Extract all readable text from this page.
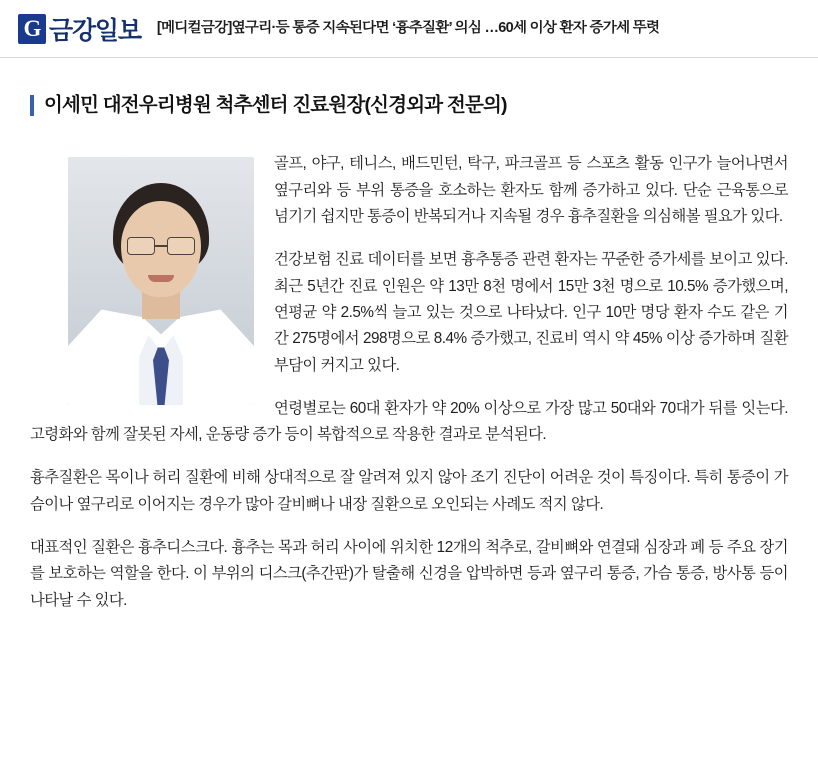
G 금강일보 [메디컬금강]옆구리·등 통증 지속된다면 ‘흉추질환’ 의심 …60세 이상 환자 증가세 뚜렷
이세민 대전우리병원 척추센터 진료원장(신경외과 전문의)

골프, 야구, 테니스, 배드민턴, 탁구, 파크골프 등 스포츠 활동 인구가 늘어나면서 옆구리와 등 부위 통증을 호소하는 환자도 함께 증가하고 있다. 단순 근육통으로 넘기기 쉽지만 통증이 반복되거나 지속될 경우 흉추질환을 의심해볼 필요가 있다.

건강보험 진료 데이터를 보면 흉추통증 관련 환자는 꾸준한 증가세를 보이고 있다. 최근 5년간 진료 인원은 약 13만 8천 명에서 15만 3천 명으로 10.5% 증가했으며, 연평균 약 2.5%씩 늘고 있는 것으로 나타났다. 인구 10만 명당 환자 수도 같은 기간 275명에서 298명으로 8.4% 증가했고, 진료비 역시 약 45% 이상 증가하며 질환 부담이 커지고 있다.

연령별로는 60대 환자가 약 20% 이상으로 가장 많고 50대와 70대가 뒤를 잇는다. 고령화와 함께 잘못된 자세, 운동량 증가 등이 복합적으로 작용한 결과로 분석된다.

흉추질환은 목이나 허리 질환에 비해 상대적으로 잘 알려져 있지 않아 조기 진단이 어려운 것이 특징이다. 특히 통증이 가슴이나 옆구리로 이어지는 경우가 많아 갈비뼈나 내장 질환으로 오인되는 사례도 적지 않다.

대표적인 질환은 흉추디스크다. 흉추는 목과 허리 사이에 위치한 12개의 척추로, 갈비뼈와 연결돼 심장과 폐 등 주요 장기를 보호하는 역할을 한다. 이 부위의 디스크(추간판)가 탈출해 신경을 압박하면 등과 옆구리 통증, 가슴 통증, 방사통 등이 나타날 수 있다.
